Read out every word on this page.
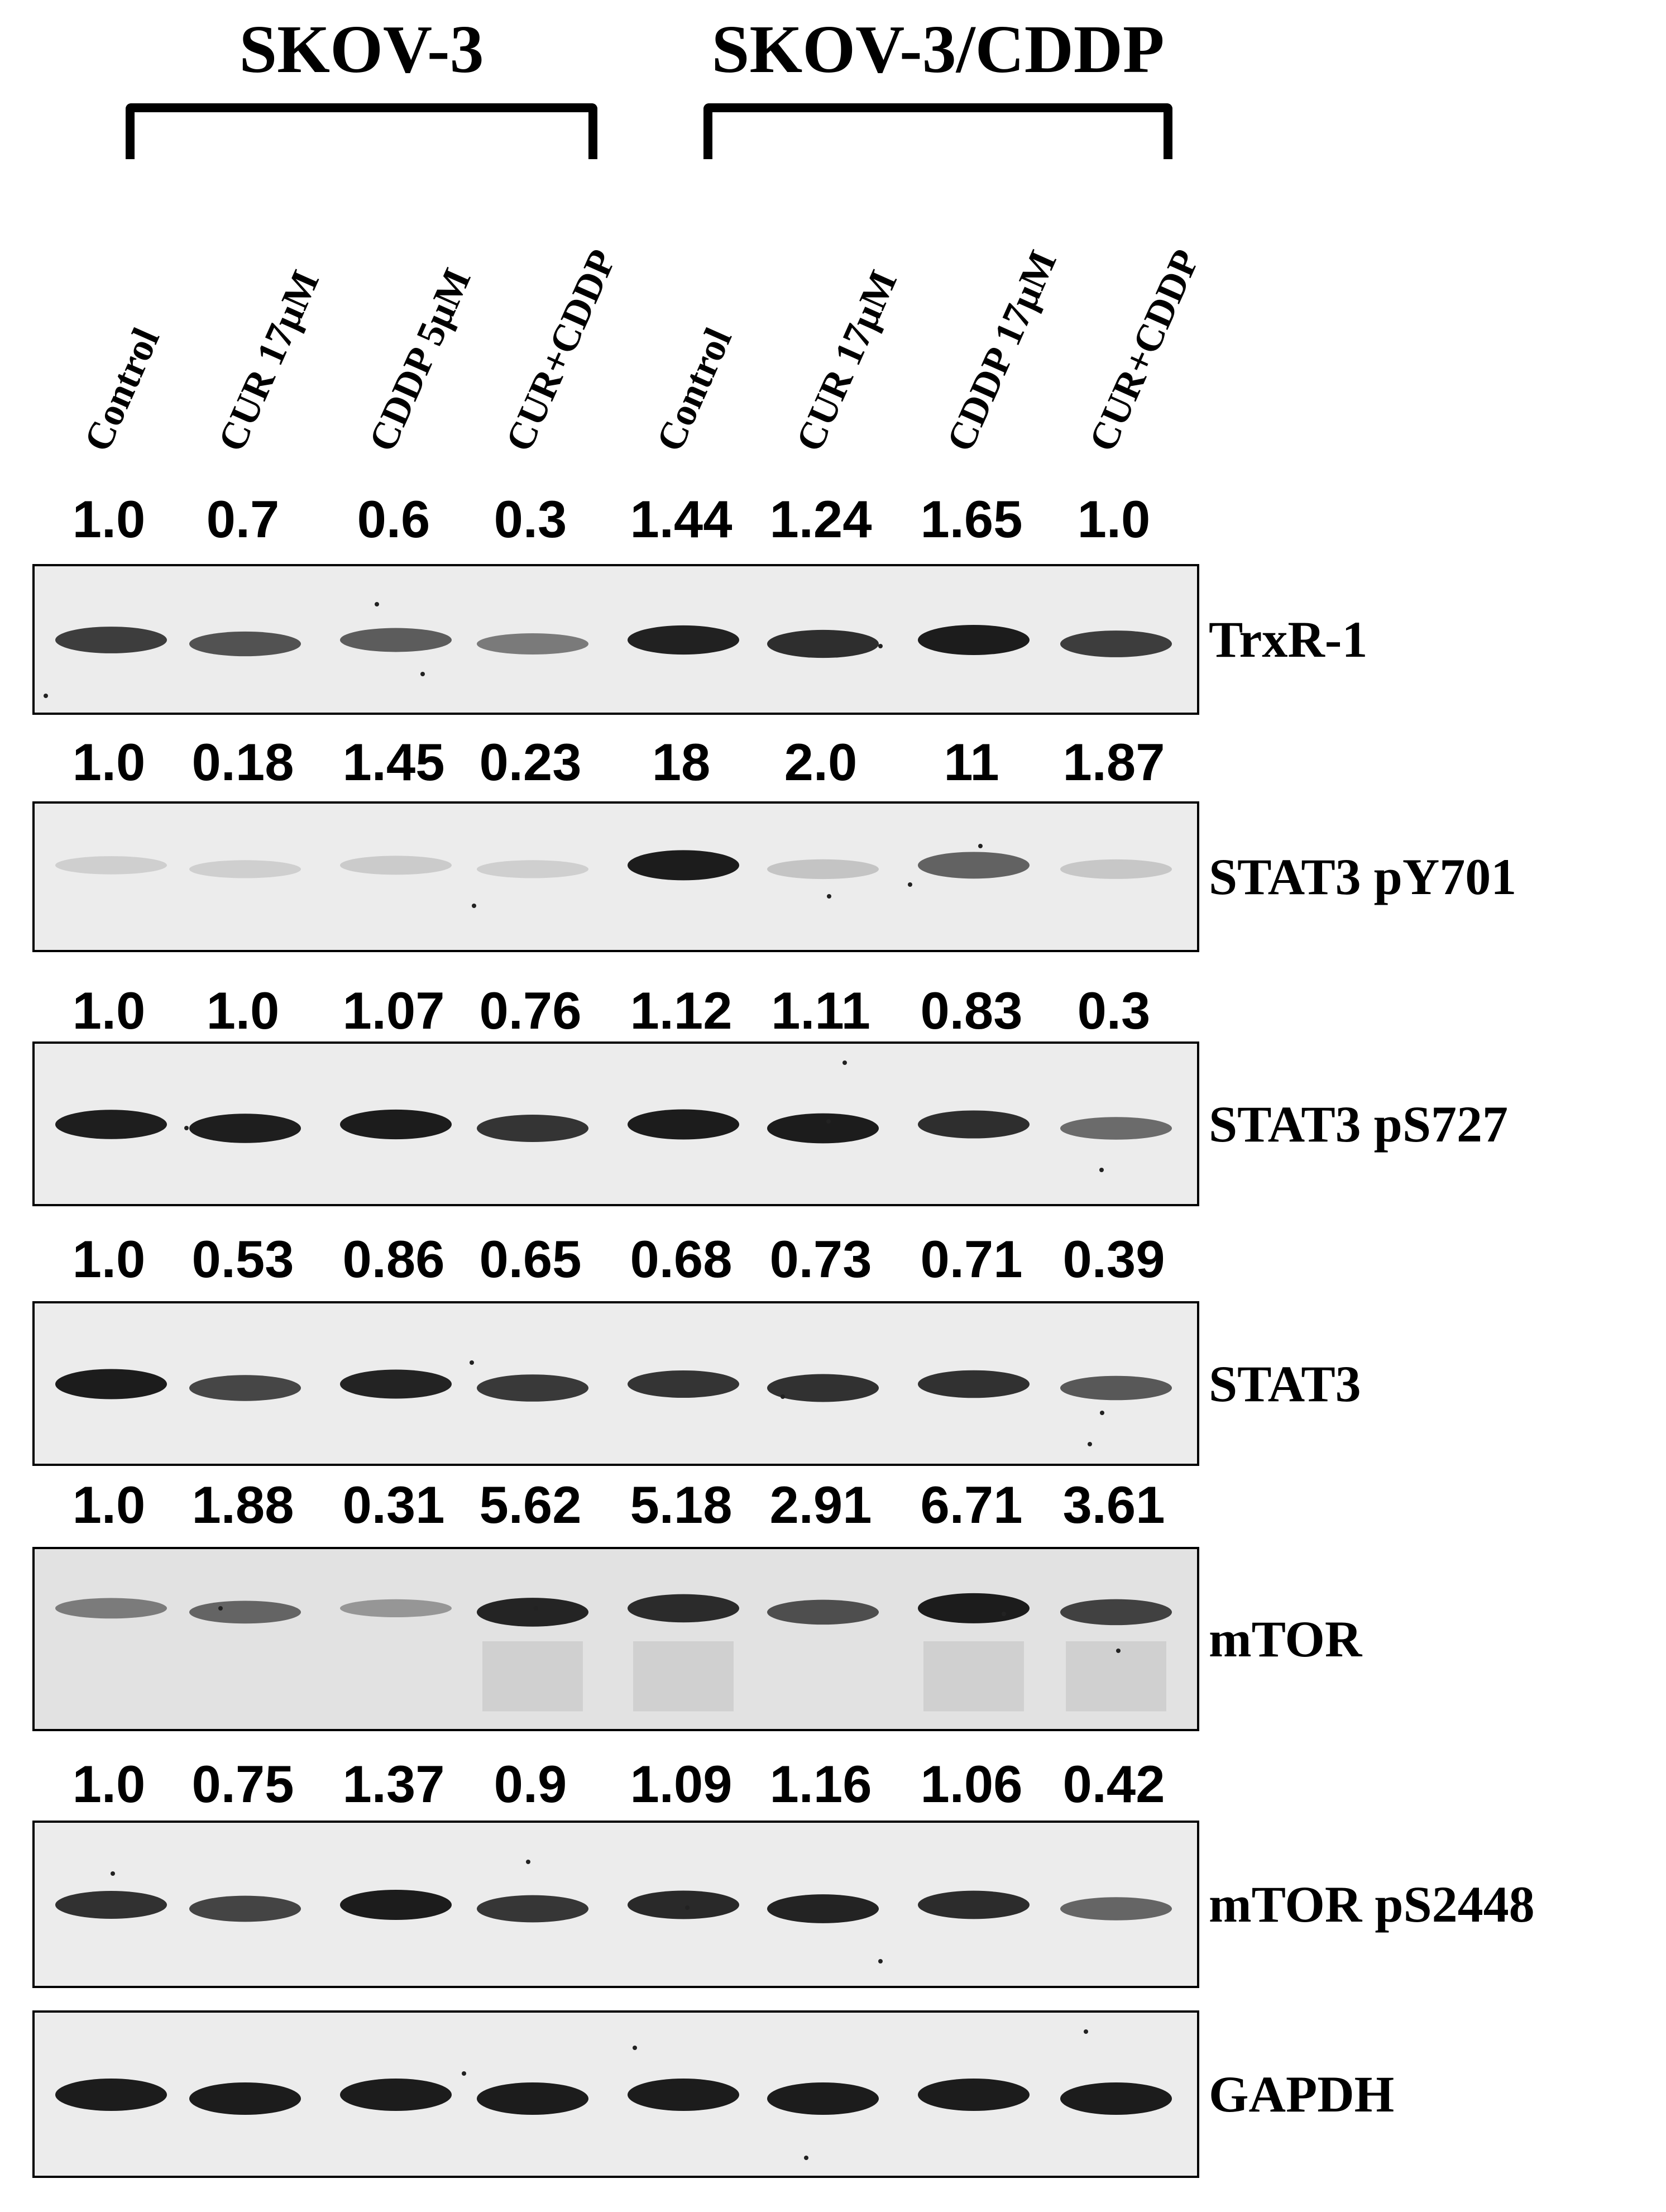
SKOV-3	SKOV-3/CDDP
Control CUR 17μM CDDP 5μM CUR+CDDP Control CUR 17μM CDDP 17μM CUR+CDDP
1.0	0.7	0.6	0.3	1.44 1.24 1.65	1.0
TrxR-1
1.0 0.18 1.45 0.23	18	2.0	11	1.87
STAT3 pY701
1.0	1.0	1.07 0.76 1.12 1.11 0.83	0.3
STAT3 pS727
1.0 0.53 0.86 0.65 0.68 0.73 0.71 0.39
STAT3
1.0 1.88 0.31 5.62 5.18 2.91 6.71 3.61
mTOR
1.0 0.75 1.37 0.9	1.09 1.16 1.06 0.42
mTOR pS2448
GAPDH
